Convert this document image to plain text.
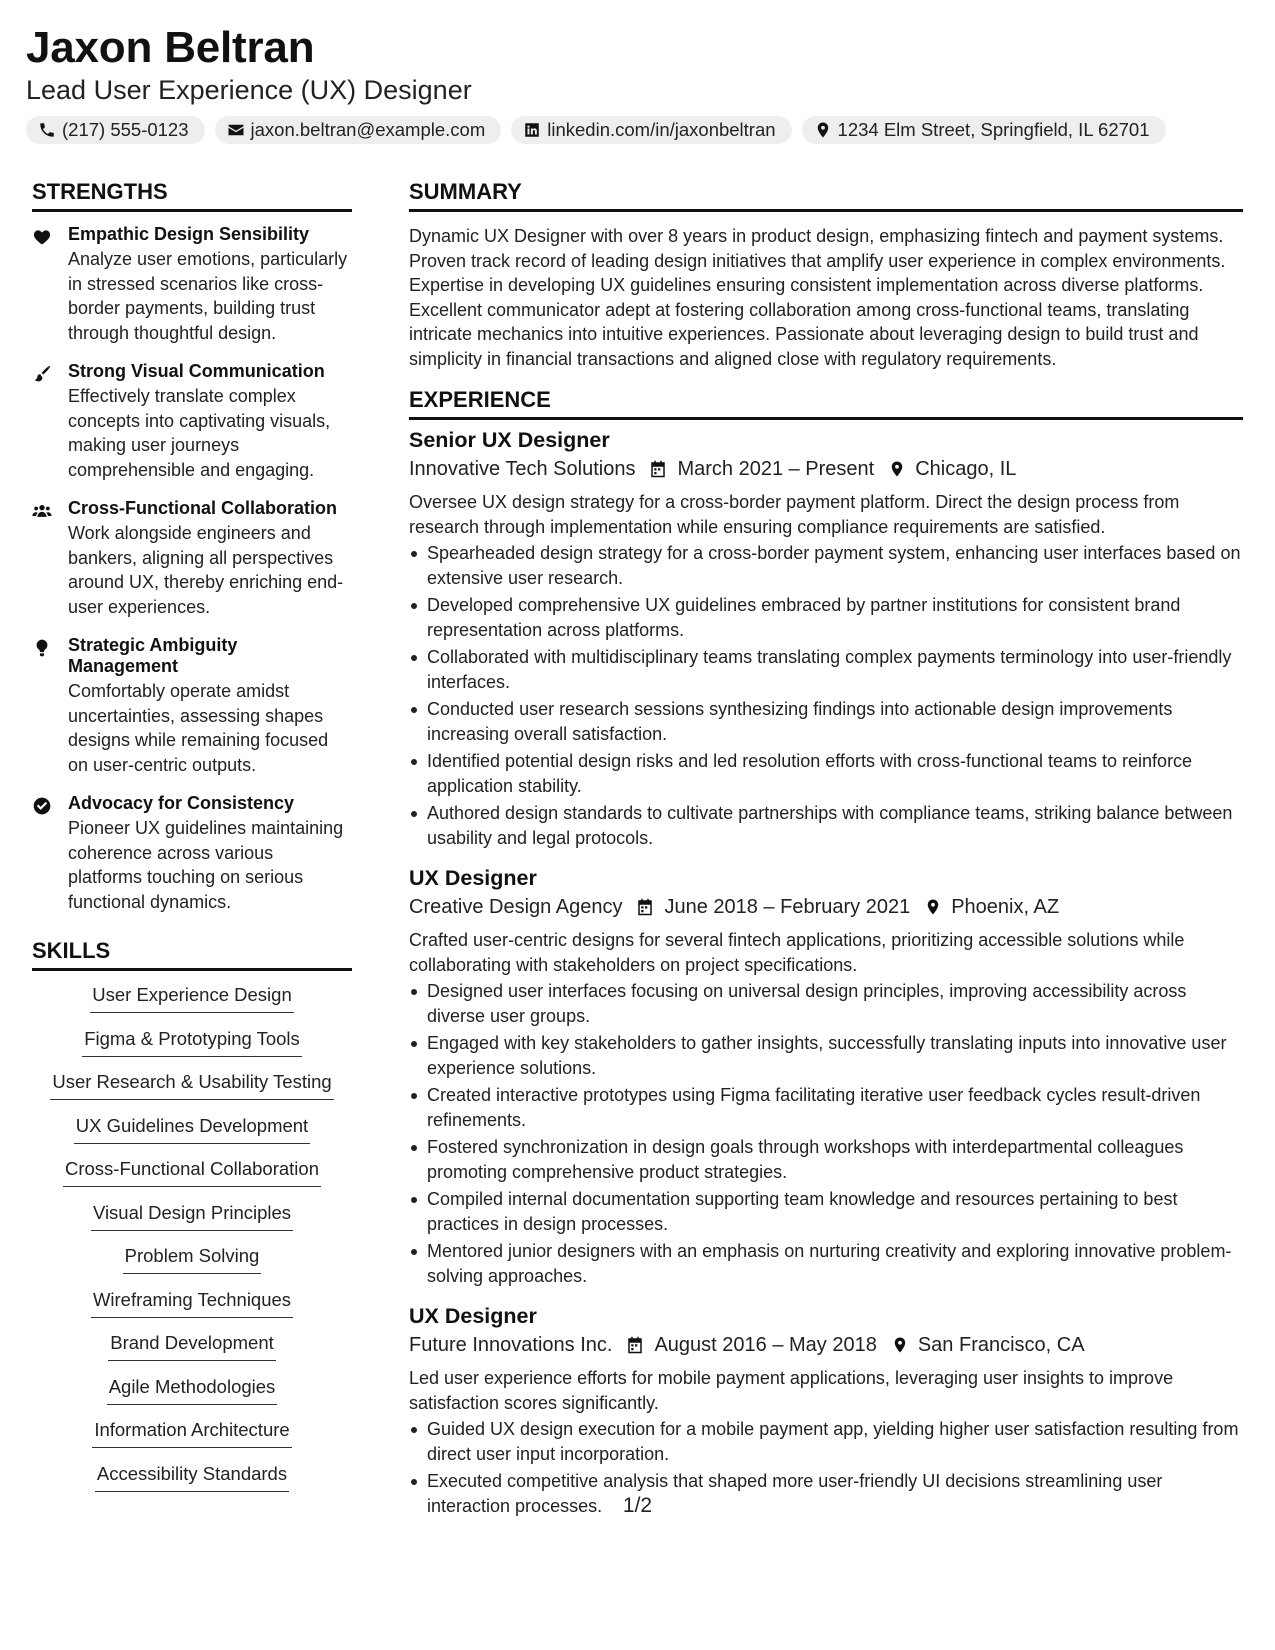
Jaxon Beltran
Lead User Experience (UX) Designer
(217) 555-0123	jaxon.beltran@example.com	linkedin.com/in/jaxonbeltran	1234 Elm Street, Springfield, IL 62701
STRENGTHS
Empathic Design Sensibility
Analyze user emotions, particularly in stressed scenarios like cross-border payments, building trust through thoughtful design.
Strong Visual Communication
Effectively translate complex concepts into captivating visuals, making user journeys comprehensible and engaging.
Cross-Functional Collaboration
Work alongside engineers and bankers, aligning all perspectives around UX, thereby enriching end-user experiences.
Strategic Ambiguity Management
Comfortably operate amidst uncertainties, assessing shapes designs while remaining focused on user-centric outputs.
Advocacy for Consistency
Pioneer UX guidelines maintaining coherence across various platforms touching on serious functional dynamics.
SKILLS
User Experience Design
Figma & Prototyping Tools
User Research & Usability Testing
UX Guidelines Development
Cross-Functional Collaboration
Visual Design Principles
Problem Solving
Wireframing Techniques
Brand Development
Agile Methodologies
Information Architecture
Accessibility Standards
SUMMARY
Dynamic UX Designer with over 8 years in product design, emphasizing fintech and payment systems. Proven track record of leading design initiatives that amplify user experience in complex environments. Expertise in developing UX guidelines ensuring consistent implementation across diverse platforms. Excellent communicator adept at fostering collaboration among cross-functional teams, translating intricate mechanics into intuitive experiences. Passionate about leveraging design to build trust and simplicity in financial transactions and aligned close with regulatory requirements.
EXPERIENCE
Senior UX Designer
Innovative Tech Solutions March 2021 – Present Chicago, IL
Oversee UX design strategy for a cross-border payment platform. Direct the design process from research through implementation while ensuring compliance requirements are satisfied.
Spearheaded design strategy for a cross-border payment system, enhancing user interfaces based on extensive user research.
Developed comprehensive UX guidelines embraced by partner institutions for consistent brand representation across platforms.
Collaborated with multidisciplinary teams translating complex payments terminology into user-friendly interfaces.
Conducted user research sessions synthesizing findings into actionable design improvements increasing overall satisfaction.
Identified potential design risks and led resolution efforts with cross-functional teams to reinforce application stability.
Authored design standards to cultivate partnerships with compliance teams, striking balance between usability and legal protocols.
UX Designer
Creative Design Agency June 2018 – February 2021 Phoenix, AZ
Crafted user-centric designs for several fintech applications, prioritizing accessible solutions while collaborating with stakeholders on project specifications.
Designed user interfaces focusing on universal design principles, improving accessibility across diverse user groups.
Engaged with key stakeholders to gather insights, successfully translating inputs into innovative user experience solutions.
Created interactive prototypes using Figma facilitating iterative user feedback cycles result-driven refinements.
Fostered synchronization in design goals through workshops with interdepartmental colleagues promoting comprehensive product strategies.
Compiled internal documentation supporting team knowledge and resources pertaining to best practices in design processes.
Mentored junior designers with an emphasis on nurturing creativity and exploring innovative problem-solving approaches.
UX Designer
Future Innovations Inc. August 2016 – May 2018 San Francisco, CA
Led user experience efforts for mobile payment applications, leveraging user insights to improve satisfaction scores significantly.
Guided UX design execution for a mobile payment app, yielding higher user satisfaction resulting from direct user input incorporation.
Executed competitive analysis that shaped more user-friendly UI decisions streamlining user interaction processes. 1/2
